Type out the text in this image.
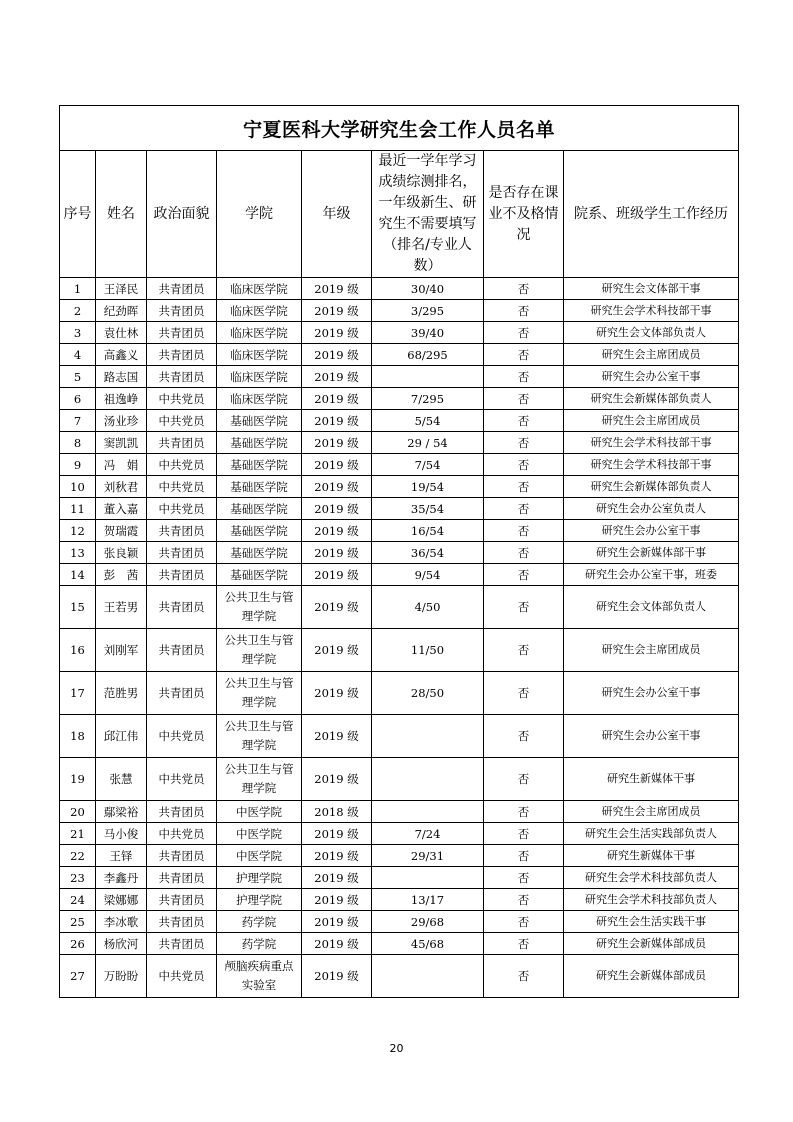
宁夏医科大学研究生会工作人员名单							

序号	姓名	政治面貌	学院	年级	最近一学年学习成绩综测排名，一年级新生、研究生不需要填写（排名/专业人数）	是否存在课业不及格情况	院系、班级学生工作经历

1	王泽民	共青团员	临床医学院	2019 级	30/40	否	研究生会文体部干事
2	纪劲晖	共青团员	临床医学院	2019 级	3/295	否	研究生会学术科技部干事
3	袁仕林	共青团员	临床医学院	2019 级	39/40	否	研究生会文体部负责人
4	高鑫义	共青团员	临床医学院	2019 级	68/295	否	研究生会主席团成员
5	路志国	共青团员	临床医学院	2019 级		否	研究生会办公室干事
6	祖逸峥	中共党员	临床医学院	2019 级	7/295	否	研究生会新媒体部负责人
7	汤业珍	中共党员	基础医学院	2019 级	5/54	否	研究生会主席团成员
8	窦凯凯	共青团员	基础医学院	2019 级	29 / 54	否	研究生会学术科技部干事
9	冯　娟	中共党员	基础医学院	2019 级	7/54	否	研究生会学术科技部干事
10	刘秋君	中共党员	基础医学院	2019 级	19/54	否	研究生会新媒体部负责人
11	董入嘉	中共党员	基础医学院	2019 级	35/54	否	研究生会办公室负责人
12	贺瑞霞	共青团员	基础医学院	2019 级	16/54	否	研究生会办公室干事
13	张良颖	共青团员	基础医学院	2019 级	36/54	否	研究生会新媒体部干事
14	彭　茜	共青团员	基础医学院	2019 级	9/54	否	研究生会办公室干事，班委
15	王若男	共青团员	公共卫生与管理学院	2019 级	4/50	否	研究生会文体部负责人
16	刘刚军	共青团员	公共卫生与管理学院	2019 级	11/50	否	研究生会主席团成员
17	范胜男	共青团员	公共卫生与管理学院	2019 级	28/50	否	研究生会办公室干事
18	邱江伟	中共党员	公共卫生与管理学院	2019 级		否	研究生会办公室干事
19	张慧	中共党员	公共卫生与管理学院	2019 级		否	研究生新媒体干事
20	鄢梁裕	共青团员	中医学院	2018 级		否	研究生会主席团成员
21	马小俊	中共党员	中医学院	2019 级	7/24	否	研究生会生活实践部负责人
22	王铎	共青团员	中医学院	2019 级	29/31	否	研究生新媒体干事
23	李鑫丹	共青团员	护理学院	2019 级		否	研究生会学术科技部负责人
24	梁娜娜	共青团员	护理学院	2019 级	13/17	否	研究生会学术科技部负责人
25	李冰歌	共青团员	药学院	2019 级	29/68	否	研究生会生活实践干事
26	杨欣河	共青团员	药学院	2019 级	45/68	否	研究生会新媒体部成员
27	万盼盼	中共党员	颅脑疾病重点实验室	2019 级		否	研究生会新媒体部成员
20
